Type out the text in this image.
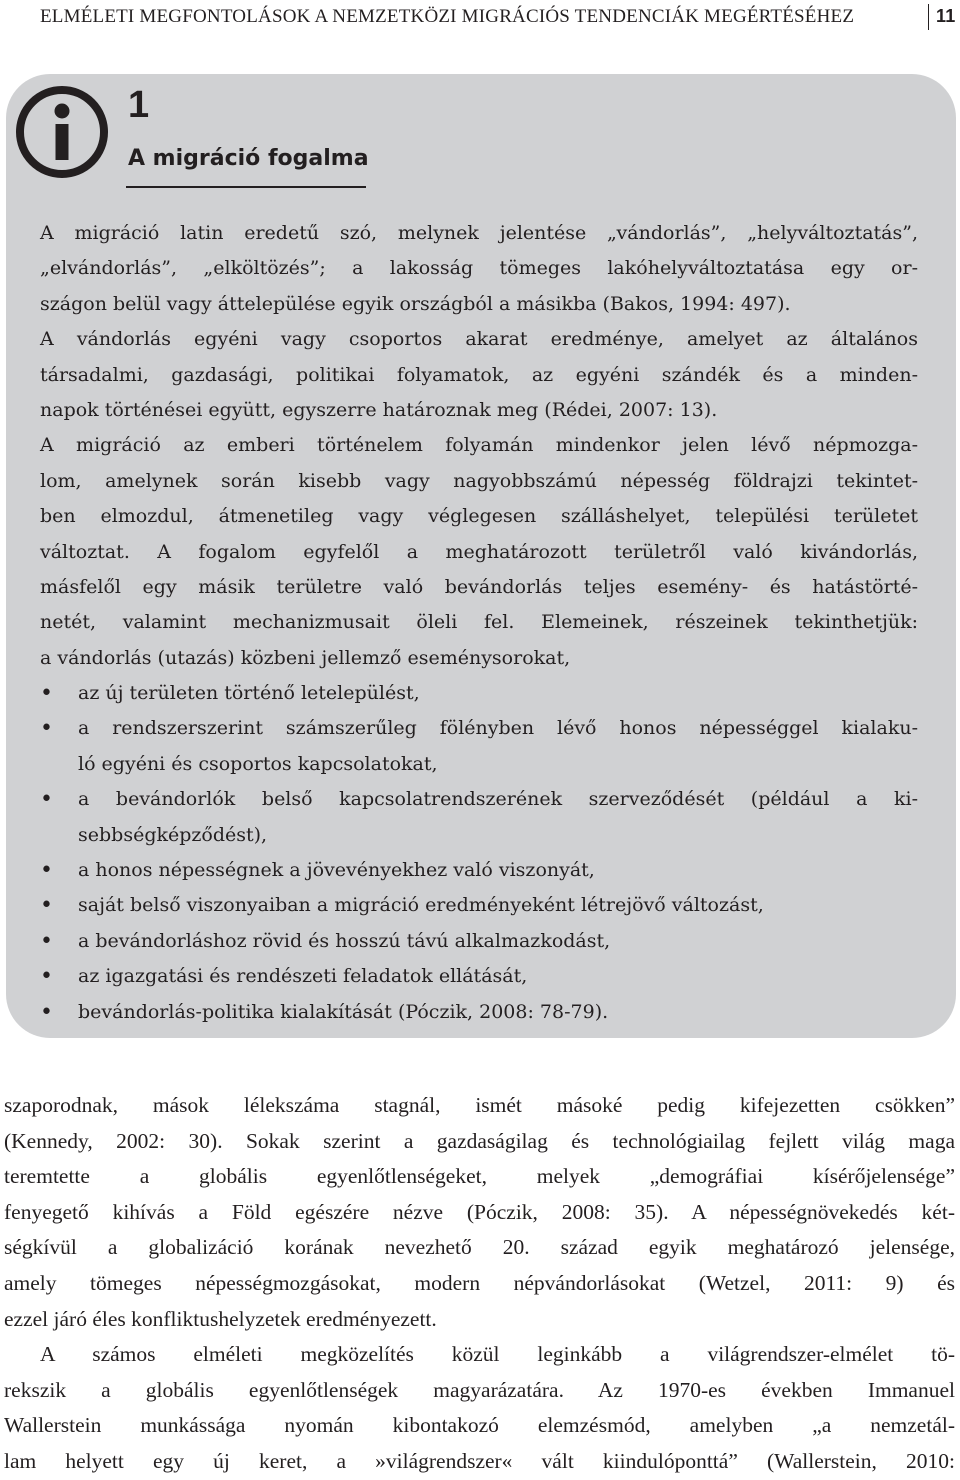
ELMÉLETI MEGFONTOLÁSOK A NEMZETKÖZI MIGRÁCIÓS TENDENCIÁK MEGÉRTÉSÉHEZ	11
1
A migráció fogalma
A migráció latin eredetű szó, melynek jelentése „vándorlás”, „helyváltoztatás”,
„elvándorlás”, „elköltözés”; a lakosság tömeges lakóhelyváltoztatása egy or-
szágon belül vagy áttelepülése egyik országból a másikba (Bakos, 1994: 497).
A vándorlás egyéni vagy csoportos akarat eredménye, amelyet az általános
társadalmi, gazdasági, politikai folyamatok, az egyéni szándék és a minden-
napok történései együtt, egyszerre határoznak meg (Rédei, 2007: 13).
A migráció az emberi történelem folyamán mindenkor jelen lévő népmozga-
lom, amelynek során kisebb vagy nagyobbszámú népesség földrajzi tekintet-
ben elmozdul, átmenetileg vagy véglegesen szálláshelyet, települési területet
változtat. A fogalom egyfelől a meghatározott területről való kivándorlás,
másfelől egy másik területre való bevándorlás teljes esemény- és hatástörté-
netét, valamint mechanizmusait öleli fel. Elemeinek, részeinek tekinthetjük:
a vándorlás (utazás) közbeni jellemző eseménysorokat,
• az új területen történő letelepülést,
• a rendszerszerint számszerűleg fölényben lévő honos népességgel kialaku-
ló egyéni és csoportos kapcsolatokat,
• a bevándorlók belső kapcsolatrendszerének szerveződését (például a ki-
sebbségképződést),
• a honos népességnek a jövevényekhez való viszonyát,
• saját belső viszonyaiban a migráció eredményeként létrejövő változást,
• a bevándorláshoz rövid és hosszú távú alkalmazkodást,
• az igazgatási és rendészeti feladatok ellátását,
• bevándorlás-politika kialakítását (Póczik, 2008: 78-79).
szaporodnak, mások lélekszáma stagnál, ismét másoké pedig kifejezetten csökken”
(Kennedy, 2002: 30). Sokak szerint a gazdaságilag és technológiailag fejlett világ maga
teremtette a globális egyenlőtlenségeket, melyek „demográfiai kísérőjelensége”
fenyegető kihívás a Föld egészére nézve (Póczik, 2008: 35). A népességnövekedés két-
ségkívül a globalizáció korának nevezhető 20. század egyik meghatározó jelensége,
amely tömeges népességmozgásokat, modern népvándorlásokat (Wetzel, 2011: 9) és
ezzel járó éles konfliktushelyzetek eredményezett.
A számos elméleti megközelítés közül leginkább a világrendszer-elmélet tö-
rekszik a globális egyenlőtlenségek magyarázatára. Az 1970-es években Immanuel
Wallerstein munkássága nyomán kibontakozó elemzésmód, amelyben „a nemzetál-
lam helyett egy új keret, a »világrendszer« vált kiindulóponttá” (Wallerstein, 2010:
